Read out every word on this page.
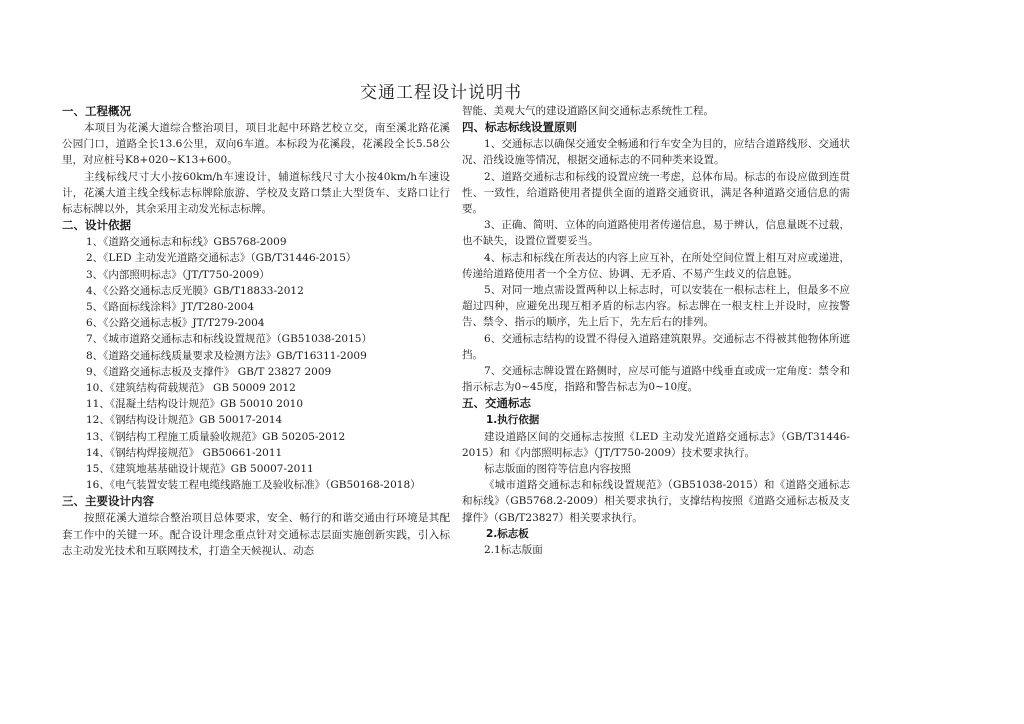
交通工程设计说明书
一、工程概况
本项目为花溪大道综合整治项目，项目北起中环路艺校立交，南至溪北路花溪公园门口，道路全长13.6公里，双向6车道。本标段为花溪段，花溪段全长5.58公里，对应桩号K8+020~K13+600。
主线标线尺寸大小按60km/h车速设计，辅道标线尺寸大小按40km/h车速设计，花溪大道主线全线标志标牌除旅游、学校及支路口禁止大型货车、支路口让行标志标牌以外，其余采用主动发光标志标牌。
二、设计依据
1、《道路交通标志和标线》GB5768-2009
2、《LED 主动发光道路交通标志》（GB/T31446-2015）
3、《内部照明标志》（JT/T750-2009）
4、《公路交通标志反光膜》GB/T18833-2012
5、《路面标线涂料》JT/T280-2004
6、《公路交通标志板》JT/T279-2004
7、《城市道路交通标志和标线设置规范》（GB51038-2015）
8、《道路交通标线质量要求及检测方法》GB/T16311-2009
9、《道路交通标志板及支撑件》 GB/T 23827 2009
10、《建筑结构荷载规范》 GB 50009 2012
11、《混凝土结构设计规范》GB 50010 2010
12、《钢结构设计规范》GB 50017-2014
13、《钢结构工程施工质量验收规范》GB 50205-2012
14、《钢结构焊接规范》 GB50661-2011
15、《建筑地基基础设计规范》GB 50007-2011
16、《电气装置安装工程电缆线路施工及验收标准》（GB50168-2018）
三、主要设计内容
按照花溪大道综合整治项目总体要求，安全、畅行的和谐交通由行环境是其配套工作中的关键一环。配合设计理念重点针对交通标志层面实施创新实践，引入标志主动发光技术和互联网技术，打造全天候视认、动态
智能、美观大气的建设道路区间交通标志系统性工程。
四、标志标线设置原则
1、交通标志以确保交通安全畅通和行车安全为目的，应结合道路线形、交通状况、沿线设施等情况，根据交通标志的不同种类来设置。
2、道路交通标志和标线的设置应统一考虑，总体布局。标志的布设应做到连贯性、一致性，给道路使用者提供全面的道路交通资讯，满足各种道路交通信息的需要。
3、正确、简明、立体的向道路使用者传递信息，易于辨认，信息量既不过载，也不缺失，设置位置要妥当。
4、标志和标线在所表达的内容上应互补，在所处空间位置上相互对应或递进，传递给道路使用者一个全方位、协调、无矛盾、不易产生歧义的信息链。
5、对同一地点需设置两种以上标志时，可以安装在一根标志柱上，但最多不应超过四种，应避免出现互相矛盾的标志内容。标志牌在一根支柱上并设时，应按警告、禁令、指示的顺序，先上后下，先左后右的排列。
6、交通标志结构的设置不得侵入道路建筑限界。交通标志不得被其他物体所遮挡。
7、交通标志牌设置在路侧时，应尽可能与道路中线垂直或成一定角度：禁令和指示标志为0~45度，指路和警告标志为0~10度。
五、交通标志
1.执行依据
建设道路区间的交通标志按照《LED 主动发光道路交通标志》（GB/T31446-2015）和《内部照明标志》（JT/T750-2009）技术要求执行。
标志版面的图符等信息内容按照
《城市道路交通标志和标线设置规范》（GB51038-2015）和《道路交通标志和标线》（GB5768.2-2009）相关要求执行，支撑结构按照《道路交通标志板及支撑件》（GB/T23827）相关要求执行。
2.标志板
2.1标志版面
